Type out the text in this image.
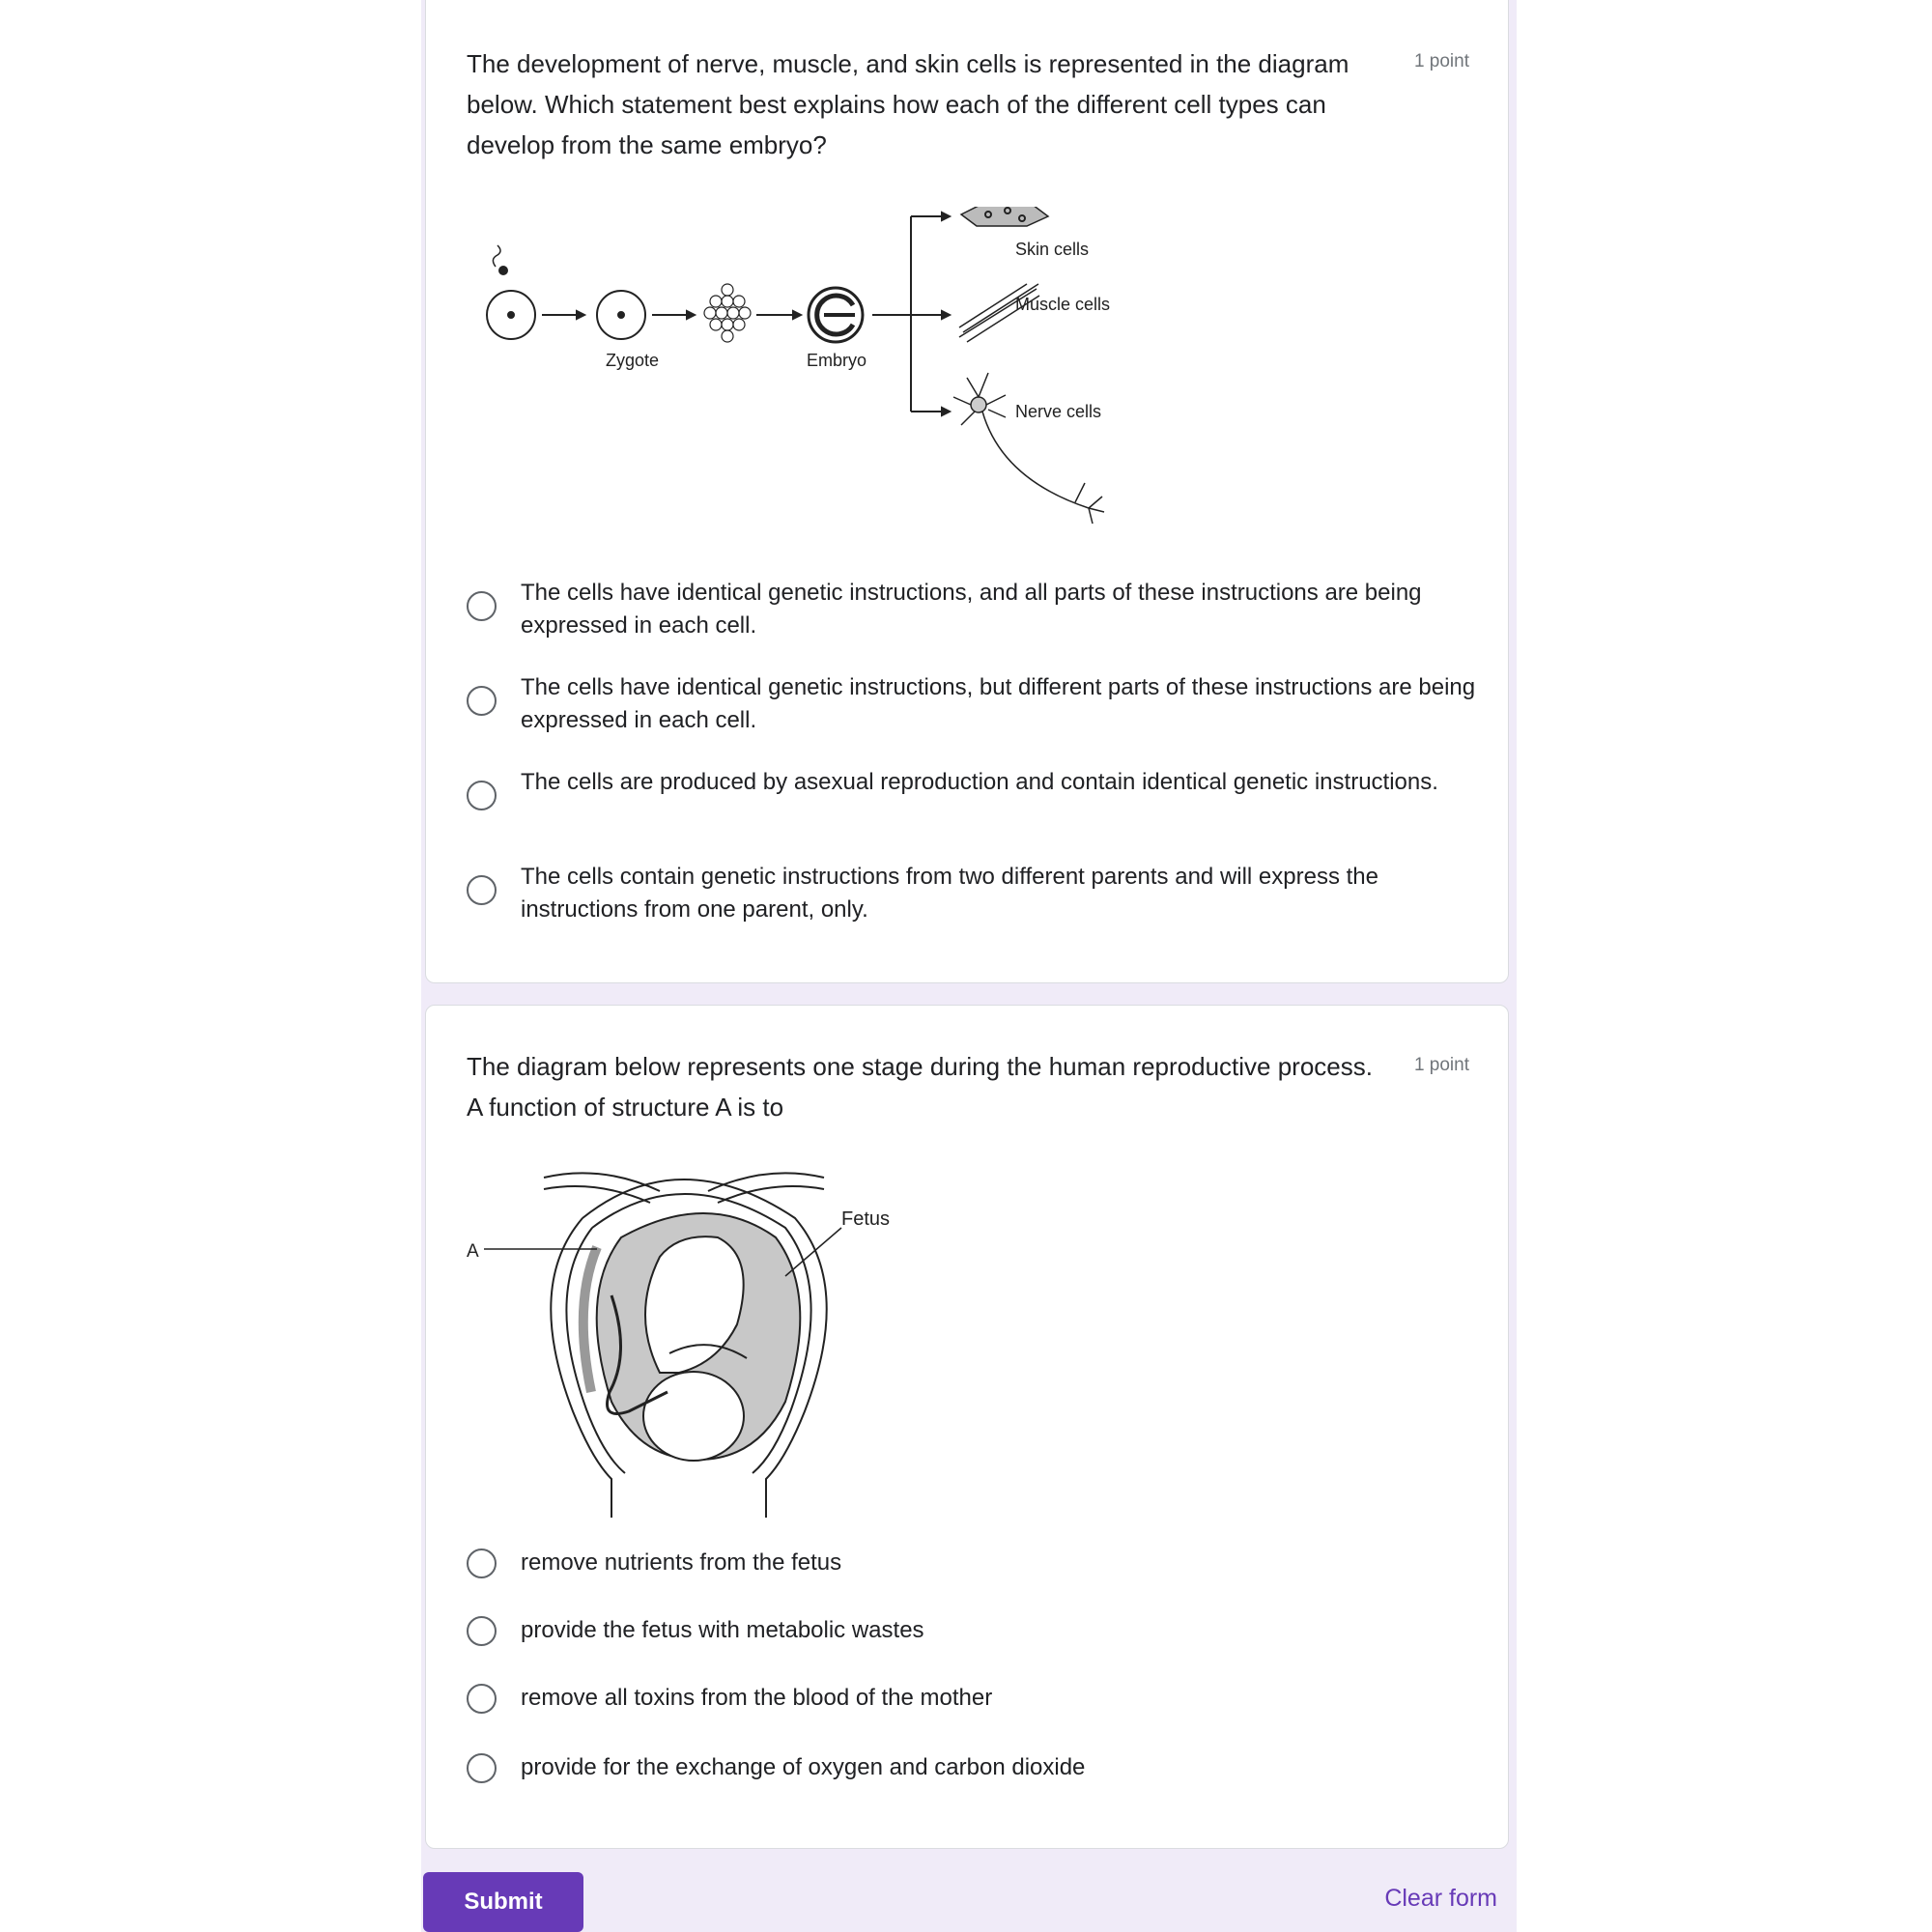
The development of nerve, muscle, and skin cells is represented in the diagram below. Which statement best explains how each of the different cell types can develop from the same embryo?
1 point
Zygote	Embryo
Skin cells
Muscle cells
Nerve cells
The cells have identical genetic instructions, and all parts of these instructions are being expressed in each cell.
The cells have identical genetic instructions, but different parts of these instructions are being expressed in each cell.
The cells are produced by asexual reproduction and contain identical genetic instructions.
The cells contain genetic instructions from two different parents and will express the instructions from one parent, only.
The diagram below represents one stage during the human reproductive process. A function of structure A is to
1 point
A
Fetus
remove nutrients from the fetus
provide the fetus with metabolic wastes
remove all toxins from the blood of the mother
provide for the exchange of oxygen and carbon dioxide
Submit	Clear form
